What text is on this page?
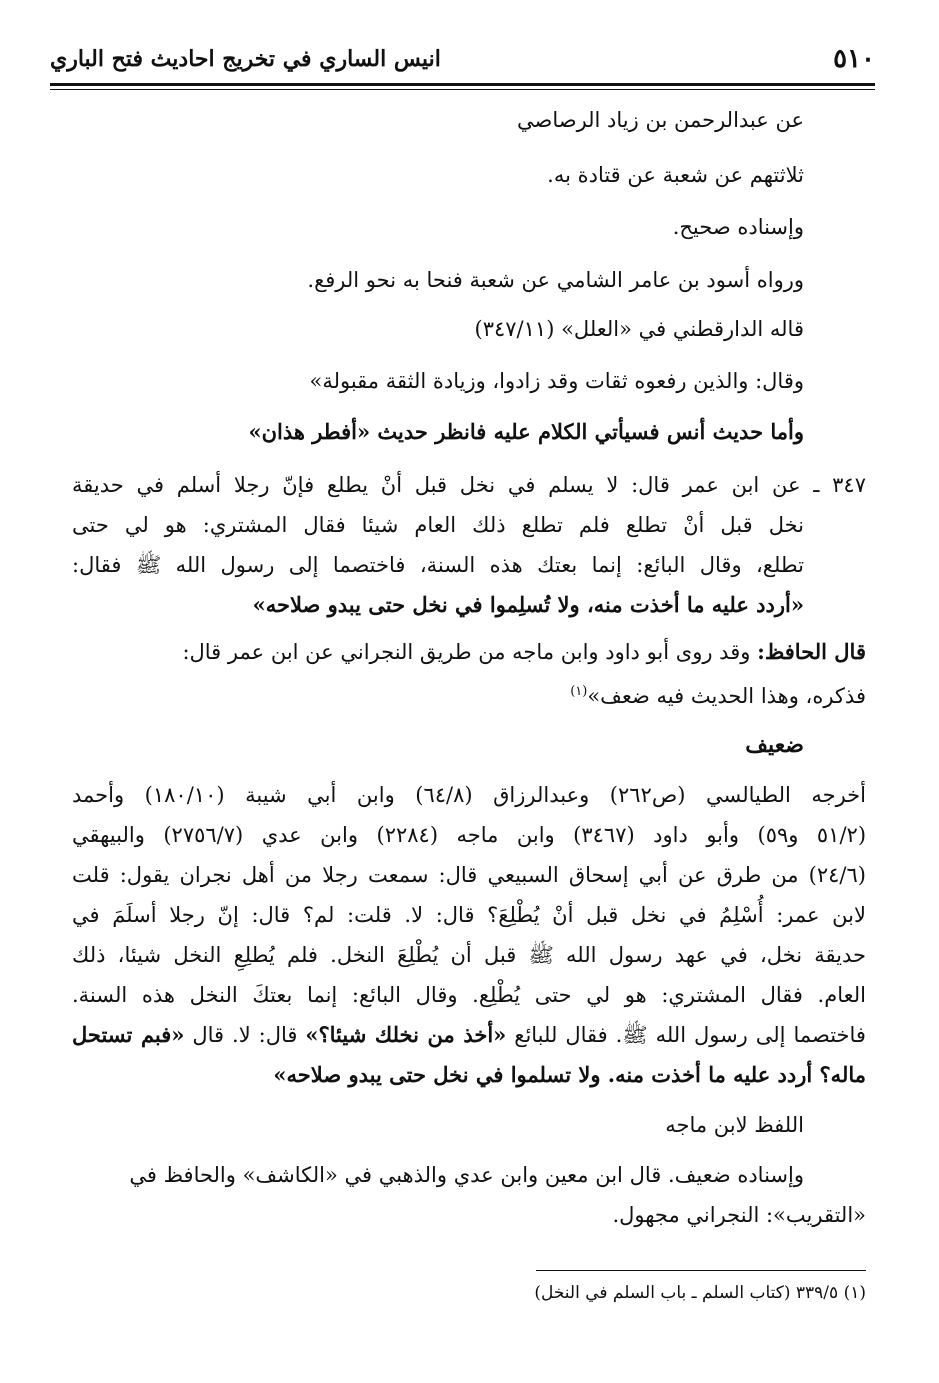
٥١٠
انيس الساري في تخريج احاديث فتح الباري
عن عبدالرحمن بن زياد الرصاصي
ثلاثتهم عن شعبة عن قتادة به.
وإسناده صحيح.
ورواه أسود بن عامر الشامي عن شعبة فنحا به نحو الرفع.
قاله الدارقطني في «العلل» (٣٤٧/١١)
وقال: والذين رفعوه ثقات وقد زادوا، وزيادة الثقة مقبولة»
وأما حديث أنس فسيأتي الكلام عليه فانظر حديث «أفطر هذان»
٣٤٧ ـ عن ابن عمر قال: لا يسلم في نخل قبل أنْ يطلع فإنّ رجلا أسلم في حديقة
نخل قبل أنْ تطلع فلم تطلع ذلك العام شيئا فقال المشتري: هو لي حتى
تطلع، وقال البائع: إنما بعتك هذه السنة، فاختصما إلى رسول الله ﷺ فقال:
«أردد عليه ما أخذت منه، ولا تُسلِموا في نخل حتى يبدو صلاحه»
قال الحافظ: وقد روى أبو داود وابن ماجه من طريق النجراني عن ابن عمر قال:
فذكره، وهذا الحديث فيه ضعف»$^{(١)}$
ضعيف
أخرجه الطيالسي (ص٢٦٢) وعبدالرزاق (٦٤/٨) وابن أبي شيبة (١٨٠/١٠) وأحمد
(٥١/٢ و٥٩) وأبو داود (٣٤٦٧) وابن ماجه (٢٢٨٤) وابن عدي (٢٧٥٦/٧) والبيهقي
(٢٤/٦) من طرق عن أبي إسحاق السبيعي قال: سمعت رجلا من أهل نجران يقول: قلت
لابن عمر: أُسْلِمُ في نخل قبل أنْ يُطْلِعَ؟ قال: لا. قلت: لم؟ قال: إنّ رجلا أسلَمَ في
حديقة نخل، في عهد رسول الله ﷺ قبل أن يُطْلِعَ النخل. فلم يُطلِعِ النخل شيئا، ذلك
العام. فقال المشتري: هو لي حتى يُطْلِع. وقال البائع: إنما بعتكَ النخل هذه السنة.
فاختصما إلى رسول الله ﷺ. فقال للبائع «أخذ من نخلك شيئا؟» قال: لا. قال «فبم تستحل
ماله؟ أردد عليه ما أخذت منه. ولا تسلموا في نخل حتى يبدو صلاحه»
اللفظ لابن ماجه
وإسناده ضعيف. قال ابن معين وابن عدي والذهبي في «الكاشف» والحافظ في
«التقريب»: النجراني مجهول.
(١) ٣٣٩/٥ (كتاب السلم ـ باب السلم في النخل)
